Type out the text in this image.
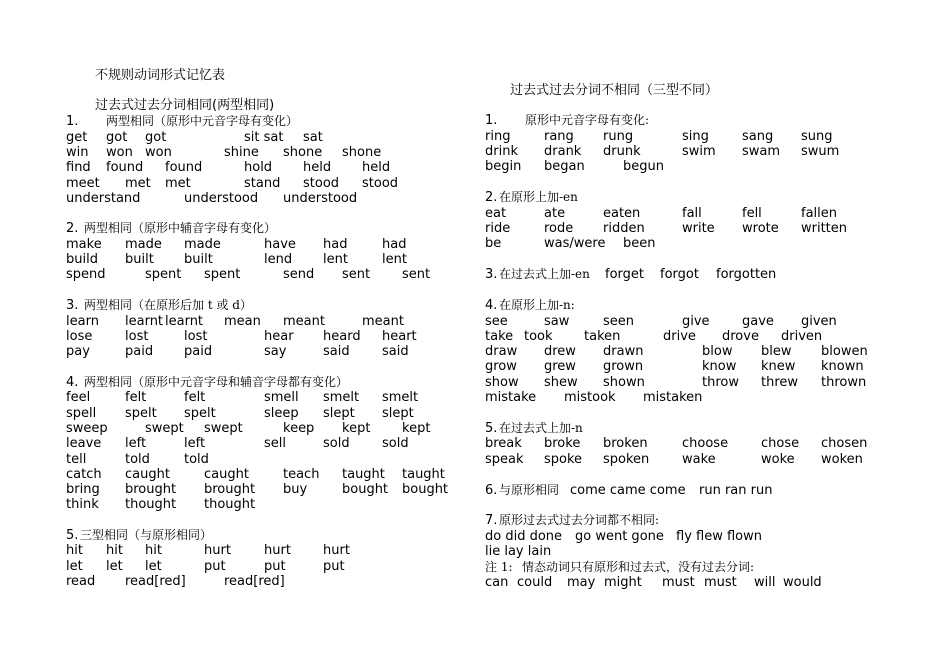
不规则动词形式记忆表
过去式过去分词相同(两型相同)
1. 两型相同（原形中元音字母有变化）
get got got	sit sat sat
win won won	shine shone shone
find found found	hold held held
meet met met	stand stood stood
understand	understood understood
2. 两型相同（原形中辅音字母有变化）
make made made	have had	had
build built built	lend lent	lent
spend	spent spent	send sent sent
3. 两型相同（在原形后加 t 或 d）
learn learnt learnt mean meant	meant
lose	lost	lost	hear heard heart
pay	paid paid	say	said said
4. 两型相同（原形中元音字母和辅音字母都有变化）
feel	felt	felt	smell smelt smelt
spell spelt spelt	sleep slept slept
sweep	swept swept	keep kept kept
leave left	left	sell	sold sold
tell	told	told
catch caught	caught	teach taught taught
bring brought brought buy	bought bought
think thought thought
5. 三型相同（与原形相同）
hit hit hit	hurt	hurt hurt
let let let	put	put	put
read read[red]	read[red]
过去式过去分词不相同（三型不同）
1. 原形中元音字母有变化:
ring	rang rung	sing	sang sung
drink drank drunk	swim swam swum
begin began	begun
2. 在原形上加-en
eat	ate	eaten	fall	fell	fallen
ride	rode ridden	write wrote written
be	was/were been
3. 在过去式上加-en forget forgot forgotten
4. 在原形上加-n:
see	saw	seen	give gave given
take took taken	drive drove driven
draw drew drawn	blow blew blowen
grow grew grown	know knew known
show shew shown	throw threw thrown
mistake mistook mistaken
5. 在过去式上加-n
break broke broken	choose	chose chosen
speak spoke spoken	wake	woke woken
6. 与原形相同 come came come run ran run
7. 原形过去式过去分词都不相同:
do did done go went gone fly flew flown
lie lay lain
注 1: 情态动词只有原形和过去式，没有过去分词:
can could may might must must will would
